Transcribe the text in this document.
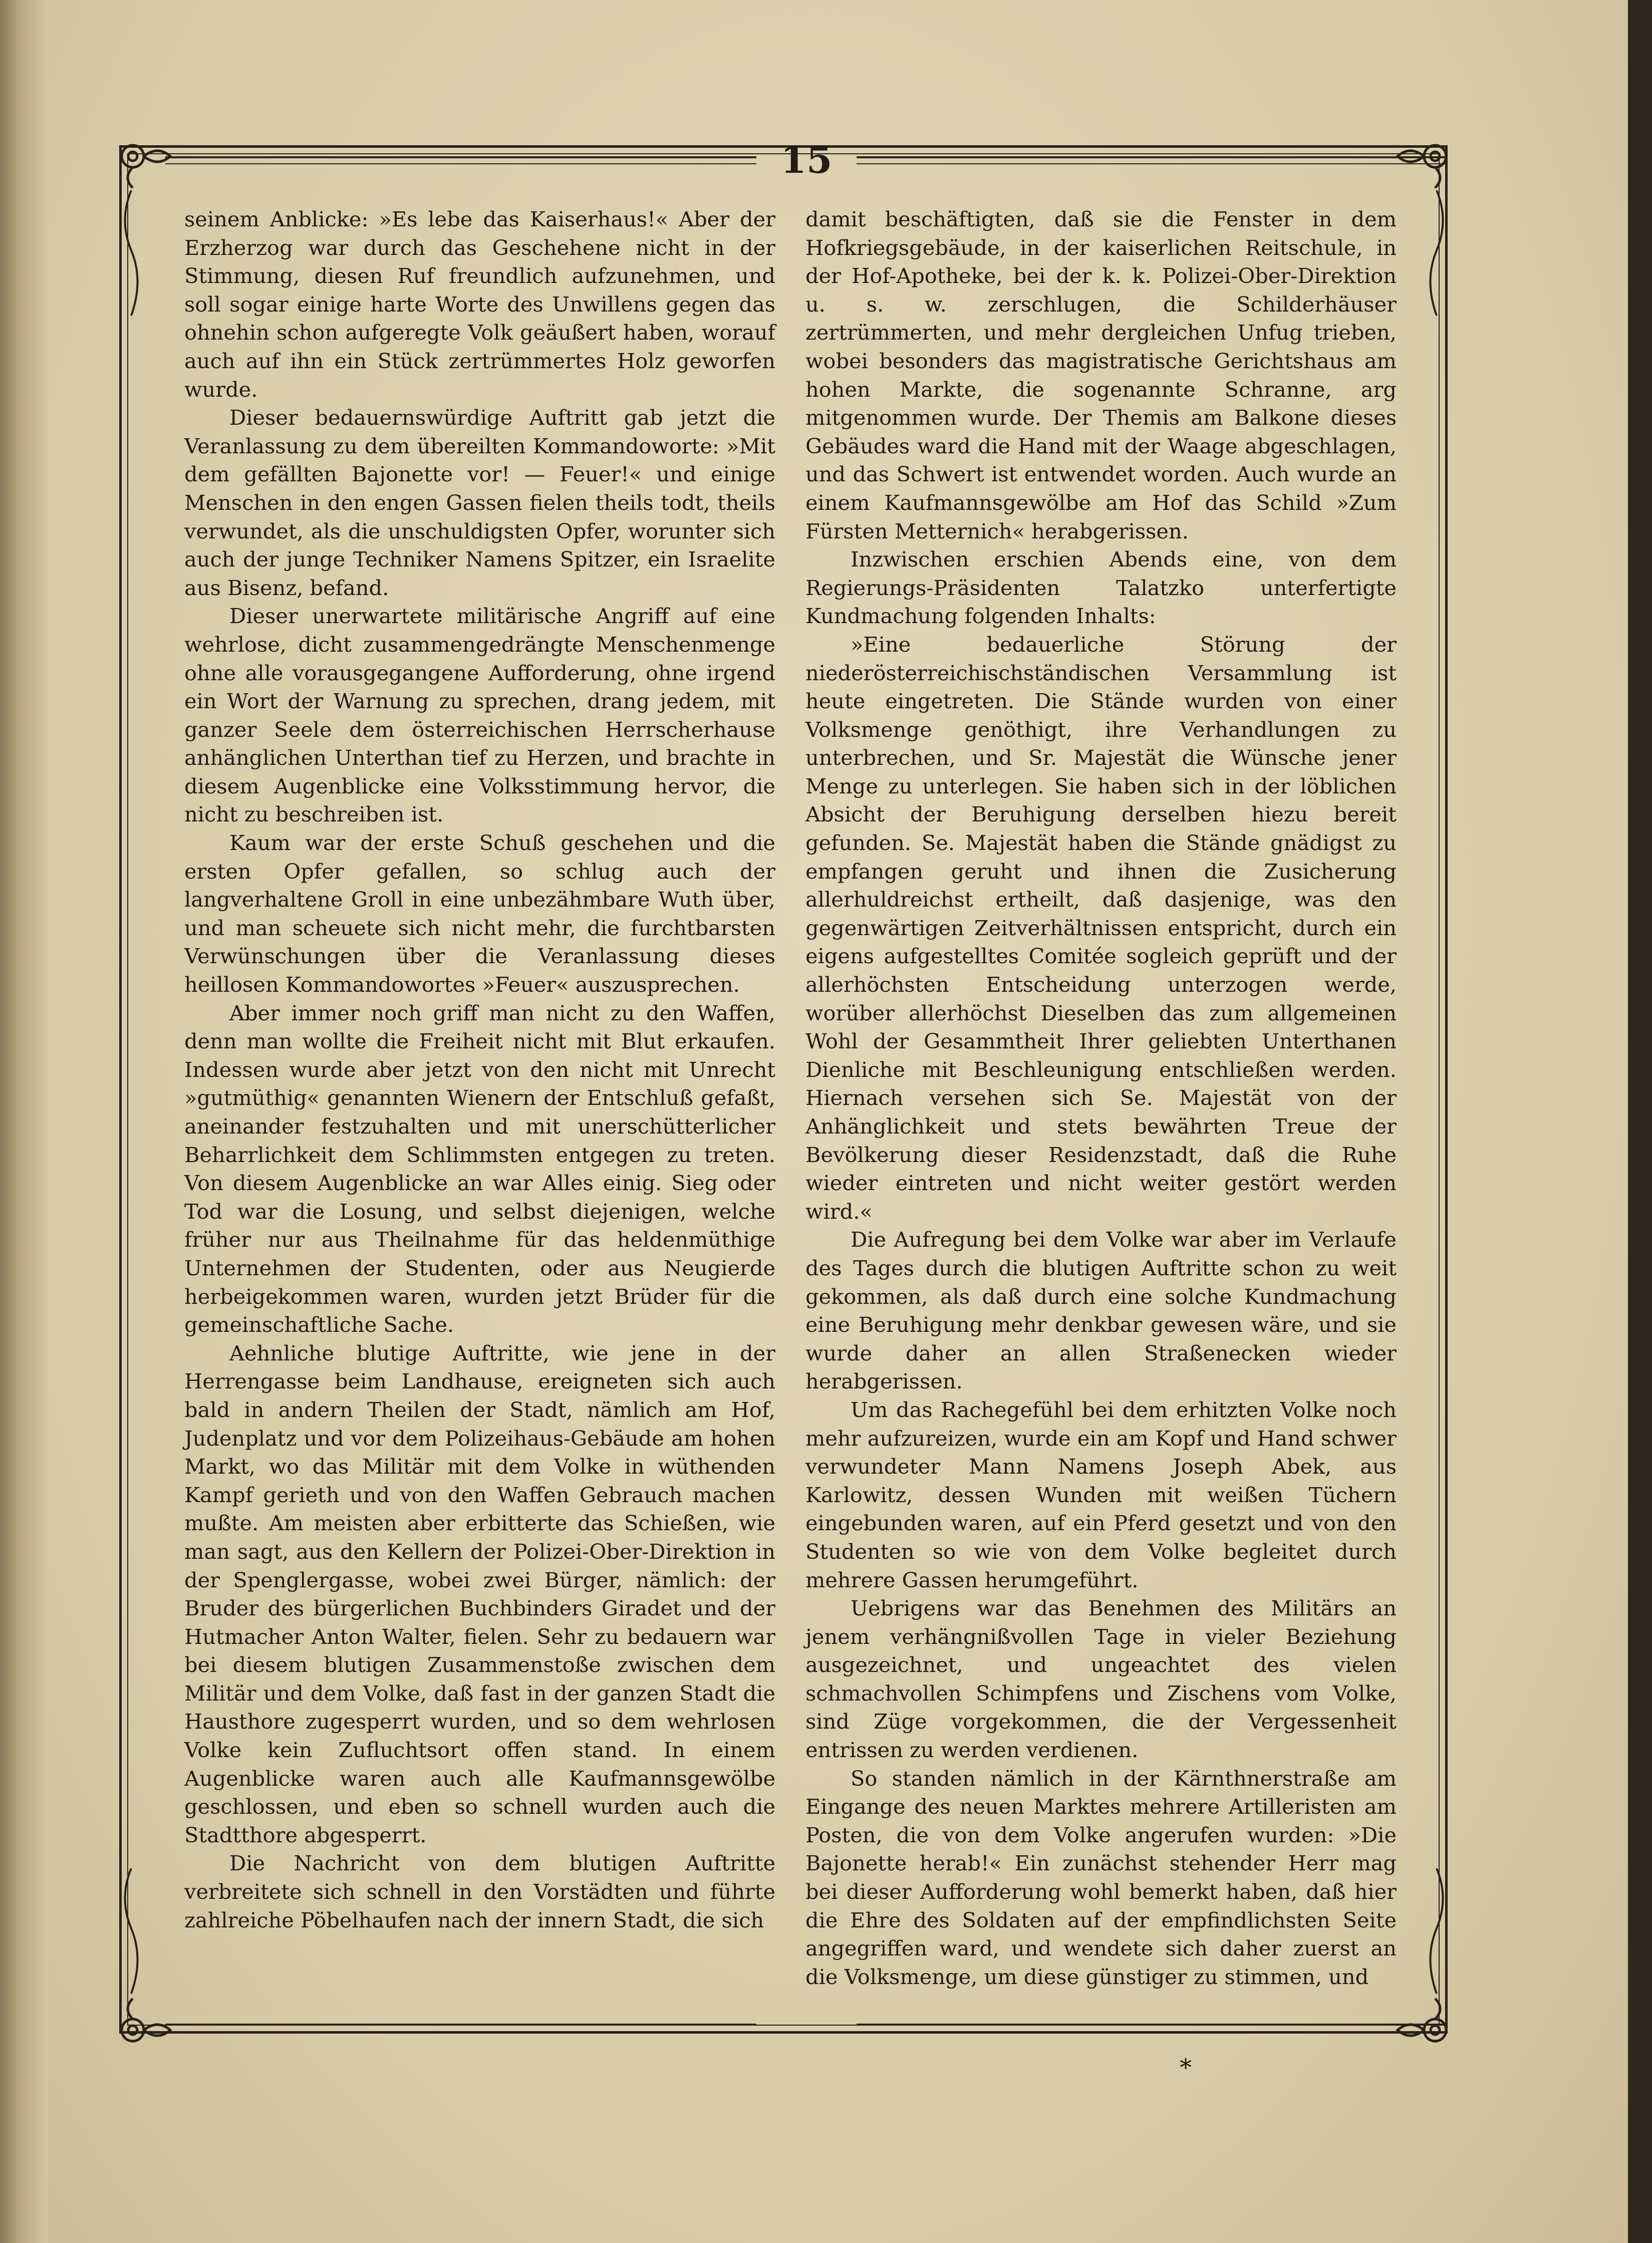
15

seinem Anblicke: »Es lebe das Kaiserhaus!« Aber der Erzherzog war durch das Geschehene nicht in der Stimmung, diesen Ruf freundlich aufzunehmen, und soll sogar einige harte Worte des Unwillens gegen das ohnehin schon aufgeregte Volk geäußert haben, worauf auch auf ihn ein Stück zertrümmertes Holz geworfen wurde.

Dieser bedauernswürdige Auftritt gab jetzt die Veranlassung zu dem übereilten Kommandoworte: »Mit dem gefällten Bajonette vor! — Feuer!« und einige Menschen in den engen Gassen fielen theils todt, theils verwundet, als die unschuldigsten Opfer, worunter sich auch der junge Techniker Namens Spitzer, ein Israelite aus Bisenz, befand.

Dieser unerwartete militärische Angriff auf eine wehrlose, dicht zusammengedrängte Menschenmenge ohne alle vorausgegangene Aufforderung, ohne irgend ein Wort der Warnung zu sprechen, drang jedem, mit ganzer Seele dem österreichischen Herrscherhause anhänglichen Unterthan tief zu Herzen, und brachte in diesem Augenblicke eine Volksstimmung hervor, die nicht zu beschreiben ist.

Kaum war der erste Schuß geschehen und die ersten Opfer gefallen, so schlug auch der langverhaltene Groll in eine unbezähmbare Wuth über, und man scheuete sich nicht mehr, die furchtbarsten Verwünschungen über die Veranlassung dieses heillosen Kommandowortes »Feuer« auszusprechen.

Aber immer noch griff man nicht zu den Waffen, denn man wollte die Freiheit nicht mit Blut erkaufen. Indessen wurde aber jetzt von den nicht mit Unrecht »gutmüthig« genannten Wienern der Entschluß gefaßt, aneinander festzuhalten und mit unerschütterlicher Beharrlichkeit dem Schlimmsten entgegen zu treten. Von diesem Augenblicke an war Alles einig. Sieg oder Tod war die Losung, und selbst diejenigen, welche früher nur aus Theilnahme für das heldenmüthige Unternehmen der Studenten, oder aus Neugierde herbeigekommen waren, wurden jetzt Brüder für die gemeinschaftliche Sache.

Aehnliche blutige Auftritte, wie jene in der Herrengasse beim Landhause, ereigneten sich auch bald in andern Theilen der Stadt, nämlich am Hof, Judenplatz und vor dem Polizeihaus-Gebäude am hohen Markt, wo das Militär mit dem Volke in wüthenden Kampf gerieth und von den Waffen Gebrauch machen mußte. Am meisten aber erbitterte das Schießen, wie man sagt, aus den Kellern der Polizei-Ober-Direktion in der Spenglergasse, wobei zwei Bürger, nämlich: der Bruder des bürgerlichen Buchbinders Giradet und der Hutmacher Anton Walter, fielen. Sehr zu bedauern war bei diesem blutigen Zusammenstoße zwischen dem Militär und dem Volke, daß fast in der ganzen Stadt die Hausthore zugesperrt wurden, und so dem wehrlosen Volke kein Zufluchtsort offen stand. In einem Augenblicke waren auch alle Kaufmannsgewölbe geschlossen, und eben so schnell wurden auch die Stadtthore abgesperrt.

Die Nachricht von dem blutigen Auftritte verbreitete sich schnell in den Vorstädten und führte zahlreiche Pöbelhaufen nach der innern Stadt, die sich

damit beschäftigten, daß sie die Fenster in dem Hofkriegsgebäude, in der kaiserlichen Reitschule, in der Hof-Apotheke, bei der k. k. Polizei-Ober-Direktion u. s. w. zerschlugen, die Schilderhäuser zertrümmerten, und mehr dergleichen Unfug trieben, wobei besonders das magistratische Gerichtshaus am hohen Markte, die sogenannte Schranne, arg mitgenommen wurde. Der Themis am Balkone dieses Gebäudes ward die Hand mit der Waage abgeschlagen, und das Schwert ist entwendet worden. Auch wurde an einem Kaufmannsgewölbe am Hof das Schild »Zum Fürsten Metternich« herabgerissen.

Inzwischen erschien Abends eine, von dem Regierungs-Präsidenten Talatzko unterfertigte Kundmachung folgenden Inhalts:

»Eine bedauerliche Störung der niederösterreichischständischen Versammlung ist heute eingetreten. Die Stände wurden von einer Volksmenge genöthigt, ihre Verhandlungen zu unterbrechen, und Sr. Majestät die Wünsche jener Menge zu unterlegen. Sie haben sich in der löblichen Absicht der Beruhigung derselben hiezu bereit gefunden. Se. Majestät haben die Stände gnädigst zu empfangen geruht und ihnen die Zusicherung allerhuldreichst ertheilt, daß dasjenige, was den gegenwärtigen Zeitverhältnissen entspricht, durch ein eigens aufgestelltes Comitée sogleich geprüft und der allerhöchsten Entscheidung unterzogen werde, worüber allerhöchst Dieselben das zum allgemeinen Wohl der Gesammtheit Ihrer geliebten Unterthanen Dienliche mit Beschleunigung entschließen werden. Hiernach versehen sich Se. Majestät von der Anhänglichkeit und stets bewährten Treue der Bevölkerung dieser Residenzstadt, daß die Ruhe wieder eintreten und nicht weiter gestört werden wird.«

Die Aufregung bei dem Volke war aber im Verlaufe des Tages durch die blutigen Auftritte schon zu weit gekommen, als daß durch eine solche Kundmachung eine Beruhigung mehr denkbar gewesen wäre, und sie wurde daher an allen Straßenecken wieder herabgerissen.

Um das Rachegefühl bei dem erhitzten Volke noch mehr aufzureizen, wurde ein am Kopf und Hand schwer verwundeter Mann Namens Joseph Abek, aus Karlowitz, dessen Wunden mit weißen Tüchern eingebunden waren, auf ein Pferd gesetzt und von den Studenten so wie von dem Volke begleitet durch mehrere Gassen herumgeführt.

Uebrigens war das Benehmen des Militärs an jenem verhängnißvollen Tage in vieler Beziehung ausgezeichnet, und ungeachtet des vielen schmachvollen Schimpfens und Zischens vom Volke, sind Züge vorgekommen, die der Vergessenheit entrissen zu werden verdienen.

So standen nämlich in der Kärnthnerstraße am Eingange des neuen Marktes mehrere Artilleristen am Posten, die von dem Volke angerufen wurden: »Die Bajonette herab!« Ein zunächst stehender Herr mag bei dieser Aufforderung wohl bemerkt haben, daß hier die Ehre des Soldaten auf der empfindlichsten Seite angegriffen ward, und wendete sich daher zuerst an die Volksmenge, um diese günstiger zu stimmen, und

*
